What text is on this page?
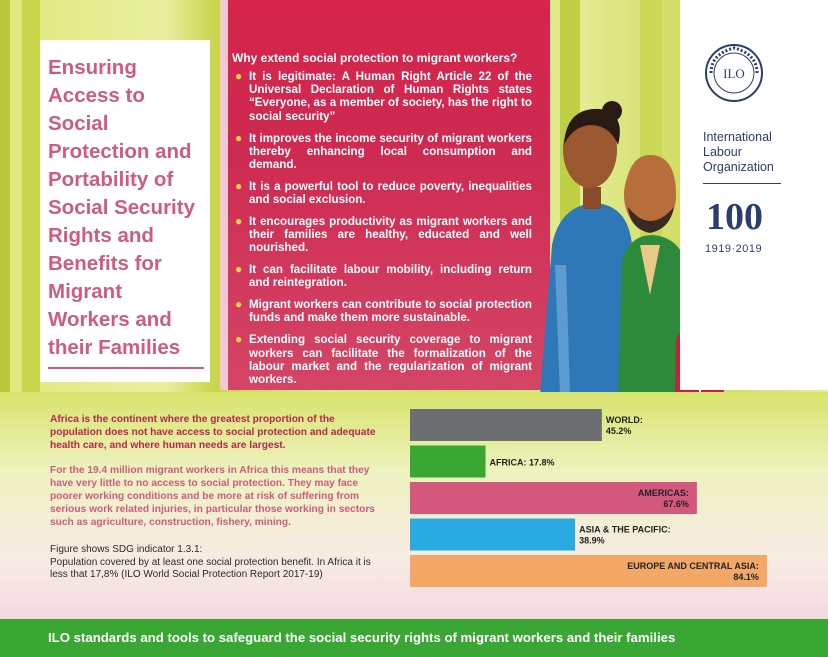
Ensuring Access to Social Protection and Portability of Social Security Rights and Benefits for Migrant Workers and their Families
Why extend social protection to migrant workers?
● It is legitimate: A Human Right Article 22 of the Universal Declaration of Human Rights states “Everyone, as a member of society, has the right to social security”
● It improves the income security of migrant workers thereby enhancing local consumption and demand.
● It is a powerful tool to reduce poverty, inequalities and social exclusion.
● It encourages productivity as migrant workers and their families are healthy, educated and well nourished.
● It can facilitate labour mobility, including return and reintegration.
● Migrant workers can contribute to social protection funds and make them more sustainable.
● Extending social security coverage to migrant workers can facilitate the formalization of the labour market and the regularization of migrant workers.
ILO
International
Labour
Organization
100
1919·2019

Africa is the continent where the greatest proportion of the population does not have access to social protection and adequate health care, and where human needs are largest.

For the 19.4 million migrant workers in Africa this means that they have very little to no access to social protection. They may face poorer working conditions and be more at risk of suffering from serious work related injuries, in particular those working in sectors such as agriculture, construction, fishery, mining.

Figure shows SDG indicator 1.3.1:
Population covered by at least one social protection benefit. In Africa it is less that 17,8% (ILO World Social Protection Report 2017-19)
WORLD: 45.2%
AFRICA: 17.8%
AMERICAS: 67.6%
ASIA & THE PACIFIC: 38.9%
EUROPE AND CENTRAL ASIA: 84.1%
ILO standards and tools to safeguard the social security rights of migrant workers and their families
